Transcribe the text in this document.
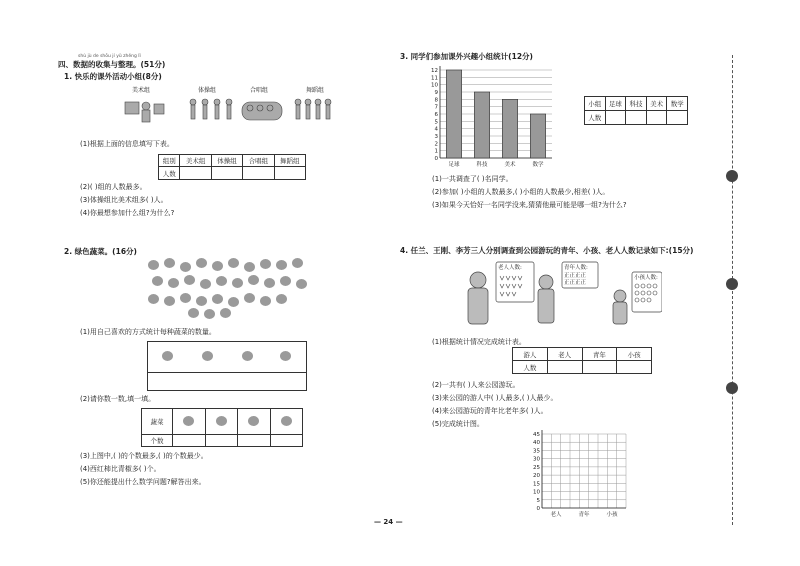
shù jù de shōu jí yǔ zhěng lǐ
四、数据的收集与整理。(51分)
1. 快乐的课外活动小组(8分)
美术组	体操组	合唱组	舞蹈组
(1)根据上面的信息填写下表。
组别	美术组	体操组	合唱组	舞蹈组
人数				
(2)( )组的人数最多。
(3)体操组比美术组多( )人。
(4)你最想参加什么组?为什么?
2. 绿色蔬菜。(16分)
(1)用自己喜欢的方式统计每种蔬菜的数量。
(2)请你数一数,填一填。
蔬菜				
个数				
(3)上图中,( )的个数最多,( )的个数最少。
(4)西红柿比青椒多( )个。
(5)你还能提出什么数学问题?解答出来。
3. 同学们参加课外兴趣小组统计(12分)
12
11
10
9
8
7
6
5
4
3
2
1
0
足球	科技	美术	数学
小组	足球	科技	美术	数学
人数				
(1)一共调查了( )名同学。
(2)参加( )小组的人数最多,( )小组的人数最少,相差( )人。
(3)如果今天恰好一名同学没来,猜猜他最可能是哪一组?为什么?
4. 任兰、王刚、李芳三人分别调查到公园游玩的青年、小孩、老人人数记录如下:(15分)
老人人数:	青年人数:
正正正正
正正正正
小孩人数:
(1)根据统计情况完成统计表。
游人	老人	青年	小孩
人数			
(2)一共有( )人来公园游玩。
(3)来公园的游人中( )人最多,( )人最少。
(4)来公园游玩的青年比老年多( )人。
(5)完成统计图。
45
40
35
30
25
20
15
10
5
0
老人	青年	小孩
— 24 —
